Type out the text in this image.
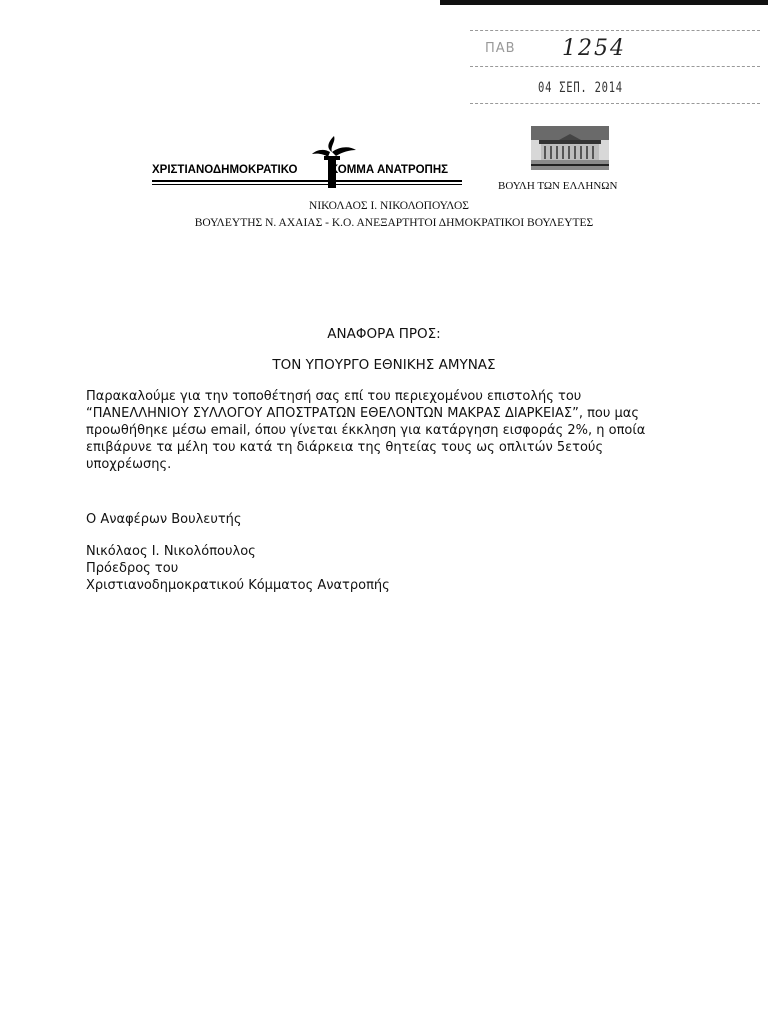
ΠΑΒ 1254
04 ΣΕΠ. 2014
ΧΡΙΣΤΙΑΝΟΔΗΜΟΚΡΑΤΙΚΟ	ΚΟΜΜΑ ΑΝΑΤΡΟΠΗΣ
ΒΟΥΛΗ ΤΩΝ ΕΛΛΗΝΩΝ
ΝΙΚΟΛΑΟΣ Ι. ΝΙΚΟΛΟΠΟΥΛΟΣ
ΒΟΥΛΕΥΤΗΣ Ν. ΑΧΑΙΑΣ - Κ.Ο. ΑΝΕΞΑΡΤΗΤΟΙ ΔΗΜΟΚΡΑΤΙΚΟΙ ΒΟΥΛΕΥΤΕΣ
ΑΝΑΦΟΡΑ ΠΡΟΣ:
ΤΟΝ ΥΠΟΥΡΓΟ ΕΘΝΙΚΗΣ ΑΜΥΝΑΣ
Παρακαλούμε για την τοποθέτησή σας επί του περιεχομένου επιστολής του
“ΠΑΝΕΛΛΗΝΙΟΥ ΣΥΛΛΟΓΟΥ ΑΠΟΣΤΡΑΤΩΝ ΕΘΕΛΟΝΤΩΝ ΜΑΚΡΑΣ ΔΙΑΡΚΕΙΑΣ”, που μας
προωθήθηκε μέσω email, όπου γίνεται έκκληση για κατάργηση εισφοράς 2%, η οποία
επιβάρυνε τα μέλη του κατά τη διάρκεια της θητείας τους ως οπλιτών 5ετούς
υποχρέωσης.
Ο Αναφέρων Βουλευτής
Νικόλαος Ι. Νικολόπουλος
Πρόεδρος του
Χριστιανοδημοκρατικού Κόμματος Ανατροπής
